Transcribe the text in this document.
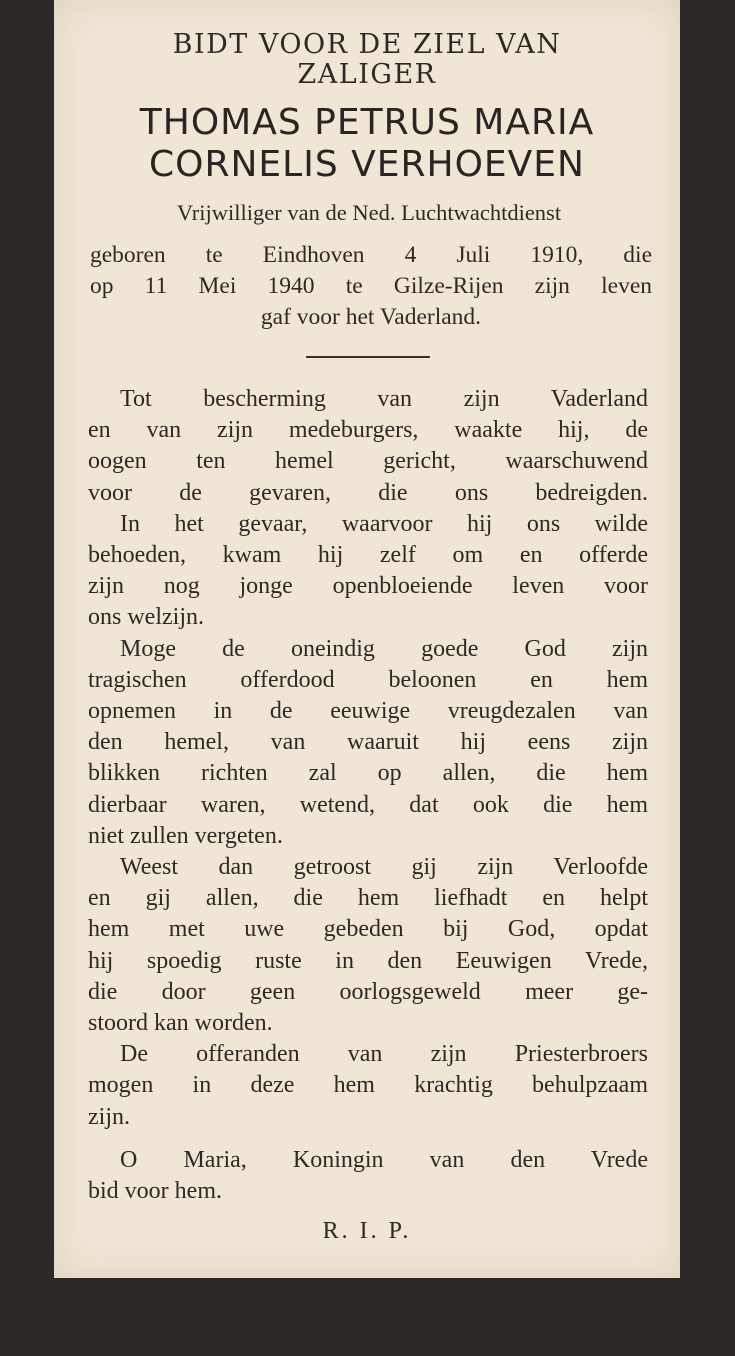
BIDT VOOR DE ZIEL VAN
ZALIGER
THOMAS PETRUS MARIA
CORNELIS VERHOEVEN
Vrijwilliger van de Ned. Luchtwachtdienst
geboren te Eindhoven 4 Juli 1910, die
op 11 Mei 1940 te Gilze-Rijen zijn leven
gaf voor het Vaderland.
Tot bescherming van zijn Vaderland
en van zijn medeburgers, waakte hij, de
oogen ten hemel gericht, waarschuwend
voor de gevaren, die ons bedreigden.
In het gevaar, waarvoor hij ons wilde
behoeden, kwam hij zelf om en offerde
zijn nog jonge openbloeiende leven voor
ons welzijn.
Moge de oneindig goede God zijn
tragischen offerdood beloonen en hem
opnemen in de eeuwige vreugdezalen van
den hemel, van waaruit hij eens zijn
blikken richten zal op allen, die hem
dierbaar waren, wetend, dat ook die hem
niet zullen vergeten.
Weest dan getroost gij zijn Verloofde
en gij allen, die hem liefhadt en helpt
hem met uwe gebeden bij God, opdat
hij spoedig ruste in den Eeuwigen Vrede,
die door geen oorlogsgeweld meer ge-
stoord kan worden.
De offeranden van zijn Priesterbroers
mogen in deze hem krachtig behulpzaam
zijn.
O Maria, Koningin van den Vrede
bid voor hem.
R. I. P.
